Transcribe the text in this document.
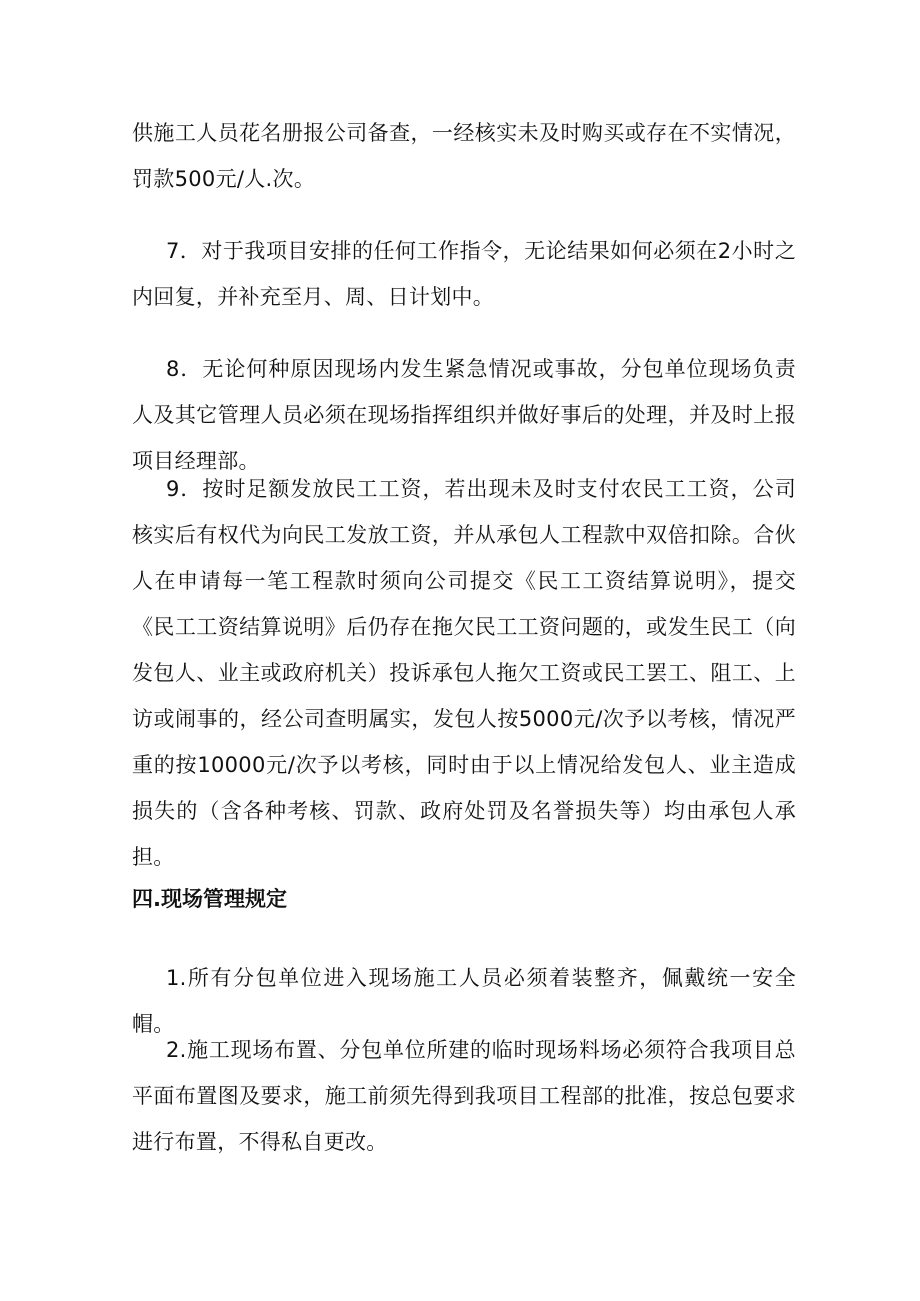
供施工人员花名册报公司备查，一经核实未及时购买或存在不实情况，罚款500元/人.次。

7．对于我项目安排的任何工作指令，无论结果如何必须在2小时之内回复，并补充至月、周、日计划中。

8．无论何种原因现场内发生紧急情况或事故，分包单位现场负责人及其它管理人员必须在现场指挥组织并做好事后的处理，并及时上报项目经理部。

9．按时足额发放民工工资，若出现未及时支付农民工工资，公司核实后有权代为向民工发放工资，并从承包人工程款中双倍扣除。合伙人在申请每一笔工程款时须向公司提交《民工工资结算说明》，提交《民工工资结算说明》后仍存在拖欠民工工资问题的，或发生民工（向发包人、业主或政府机关）投诉承包人拖欠工资或民工罢工、阻工、上访或闹事的，经公司查明属实，发包人按5000元/次予以考核，情况严重的按10000元/次予以考核，同时由于以上情况给发包人、业主造成损失的（含各种考核、罚款、政府处罚及名誉损失等）均由承包人承担。

四.现场管理规定

1.所有分包单位进入现场施工人员必须着装整齐，佩戴统一安全帽。

2.施工现场布置、分包单位所建的临时现场料场必须符合我项目总平面布置图及要求，施工前须先得到我项目工程部的批准，按总包要求进行布置，不得私自更改。
